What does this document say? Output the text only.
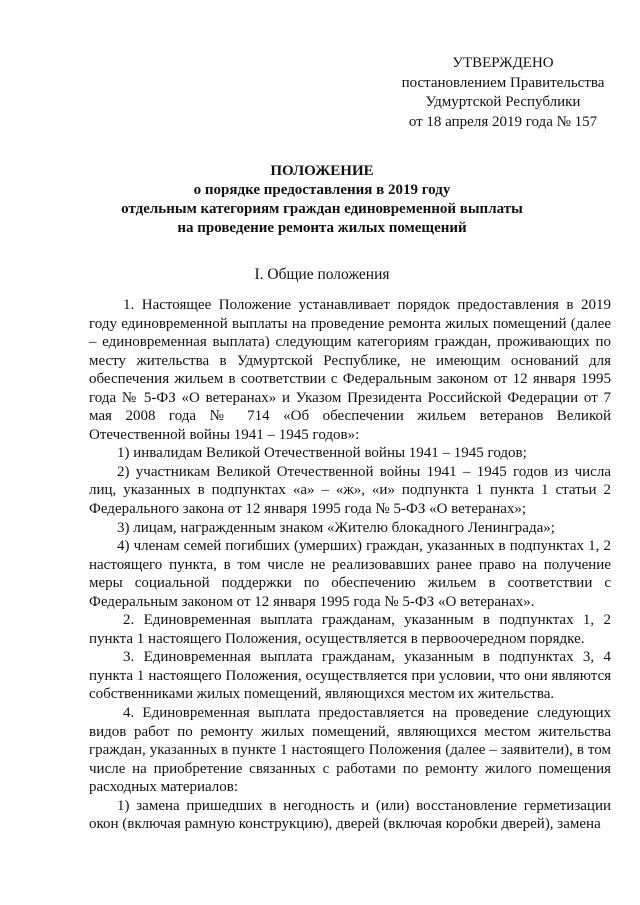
УТВЕРЖДЕНО
постановлением Правительства
Удмуртской Республики
от 18 апреля 2019 года № 157
ПОЛОЖЕНИЕ
о порядке предоставления в 2019 году
отдельным категориям граждан единовременной выплаты
на проведение ремонта жилых помещений
I. Общие положения

1. Настоящее Положение устанавливает порядок предоставления в 2019 году единовременной выплаты на проведение ремонта жилых помещений (далее – единовременная выплата) следующим категориям граждан, проживающих по месту жительства в Удмуртской Республике, не имеющим оснований для обеспечения жильем в соответствии с Федеральным законом от 12 января 1995 года № 5-ФЗ «О ветеранах» и Указом Президента Российской Федерации от 7 мая 2008 года № 714 «Об обеспечении жильем ветеранов Великой Отечественной войны 1941 – 1945 годов»:

1) инвалидам Великой Отечественной войны 1941 – 1945 годов;

2) участникам Великой Отечественной войны 1941 – 1945 годов из числа лиц, указанных в подпунктах «а» – «ж», «и» подпункта 1 пункта 1 статьи 2 Федерального закона от 12 января 1995 года № 5-ФЗ «О ветеранах»;

3) лицам, награжденным знаком «Жителю блокадного Ленинграда»;

4) членам семей погибших (умерших) граждан, указанных в подпунктах 1, 2 настоящего пункта, в том числе не реализовавших ранее право на получение меры социальной поддержки по обеспечению жильем в соответствии с Федеральным законом от 12 января 1995 года № 5-ФЗ «О ветеранах».

2. Единовременная выплата гражданам, указанным в подпунктах 1, 2 пункта 1 настоящего Положения, осуществляется в первоочередном порядке.

3. Единовременная выплата гражданам, указанным в подпунктах 3, 4 пункта 1 настоящего Положения, осуществляется при условии, что они являются собственниками жилых помещений, являющихся местом их жительства.

4. Единовременная выплата предоставляется на проведение следующих видов работ по ремонту жилых помещений, являющихся местом жительства граждан, указанных в пункте 1 настоящего Положения (далее – заявители), в том числе на приобретение связанных с работами по ремонту жилого помещения расходных материалов:

1) замена пришедших в негодность и (или) восстановление герметизации окон (включая рамную конструкцию), дверей (включая коробки дверей), замена
